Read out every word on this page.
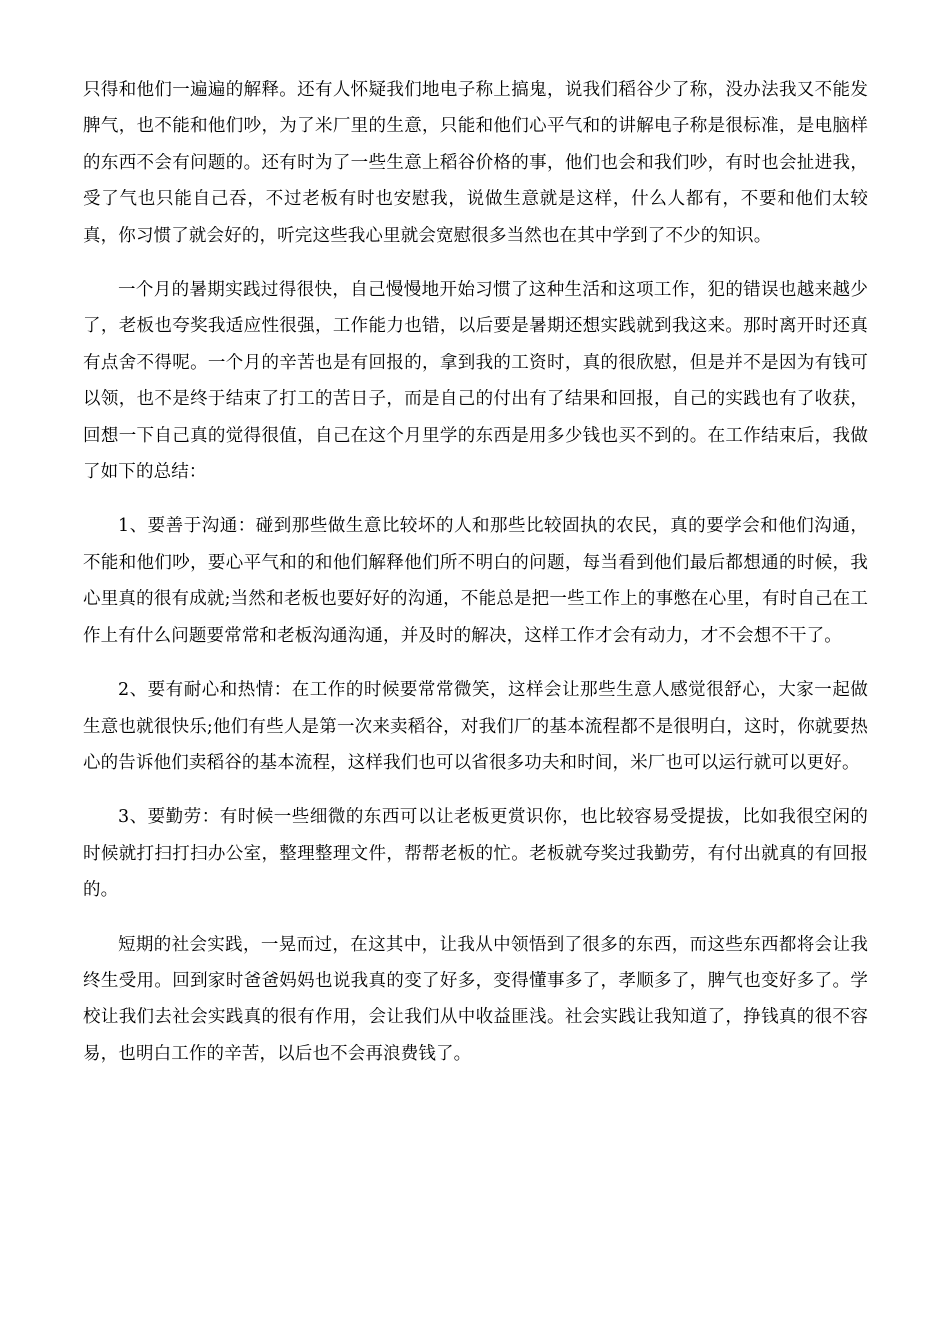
只得和他们一遍遍的解释。还有人怀疑我们地电子称上搞鬼，说我们稻谷少了称，没办法我又不能发脾气，也不能和他们吵，为了米厂里的生意，只能和他们心平气和的讲解电子称是很标准，是电脑样的东西不会有问题的。还有时为了一些生意上稻谷价格的事，他们也会和我们吵，有时也会扯进我，受了气也只能自己吞，不过老板有时也安慰我，说做生意就是这样，什么人都有，不要和他们太较真，你习惯了就会好的，听完这些我心里就会宽慰很多当然也在其中学到了不少的知识。

一个月的暑期实践过得很快，自己慢慢地开始习惯了这种生活和这项工作，犯的错误也越来越少了，老板也夸奖我适应性很强，工作能力也错，以后要是暑期还想实践就到我这来。那时离开时还真有点舍不得呢。一个月的辛苦也是有回报的，拿到我的工资时，真的很欣慰，但是并不是因为有钱可以领，也不是终于结束了打工的苦日子，而是自己的付出有了结果和回报，自己的实践也有了收获，回想一下自己真的觉得很值，自己在这个月里学的东西是用多少钱也买不到的。在工作结束后，我做了如下的总结：

1、要善于沟通：碰到那些做生意比较坏的人和那些比较固执的农民，真的要学会和他们沟通，不能和他们吵，要心平气和的和他们解释他们所不明白的问题，每当看到他们最后都想通的时候，我心里真的很有成就;当然和老板也要好好的沟通，不能总是把一些工作上的事憋在心里，有时自己在工作上有什么问题要常常和老板沟通沟通，并及时的解决，这样工作才会有动力，才不会想不干了。

2、要有耐心和热情：在工作的时候要常常微笑，这样会让那些生意人感觉很舒心，大家一起做生意也就很快乐;他们有些人是第一次来卖稻谷，对我们厂的基本流程都不是很明白，这时，你就要热心的告诉他们卖稻谷的基本流程，这样我们也可以省很多功夫和时间，米厂也可以运行就可以更好。

3、要勤劳：有时候一些细微的东西可以让老板更赏识你，也比较容易受提拔，比如我很空闲的时候就打扫打扫办公室，整理整理文件，帮帮老板的忙。老板就夸奖过我勤劳，有付出就真的有回报的。

短期的社会实践，一晃而过，在这其中，让我从中领悟到了很多的东西，而这些东西都将会让我终生受用。回到家时爸爸妈妈也说我真的变了好多，变得懂事多了，孝顺多了，脾气也变好多了。学校让我们去社会实践真的很有作用，会让我们从中收益匪浅。社会实践让我知道了，挣钱真的很不容易，也明白工作的辛苦，以后也不会再浪费钱了。
